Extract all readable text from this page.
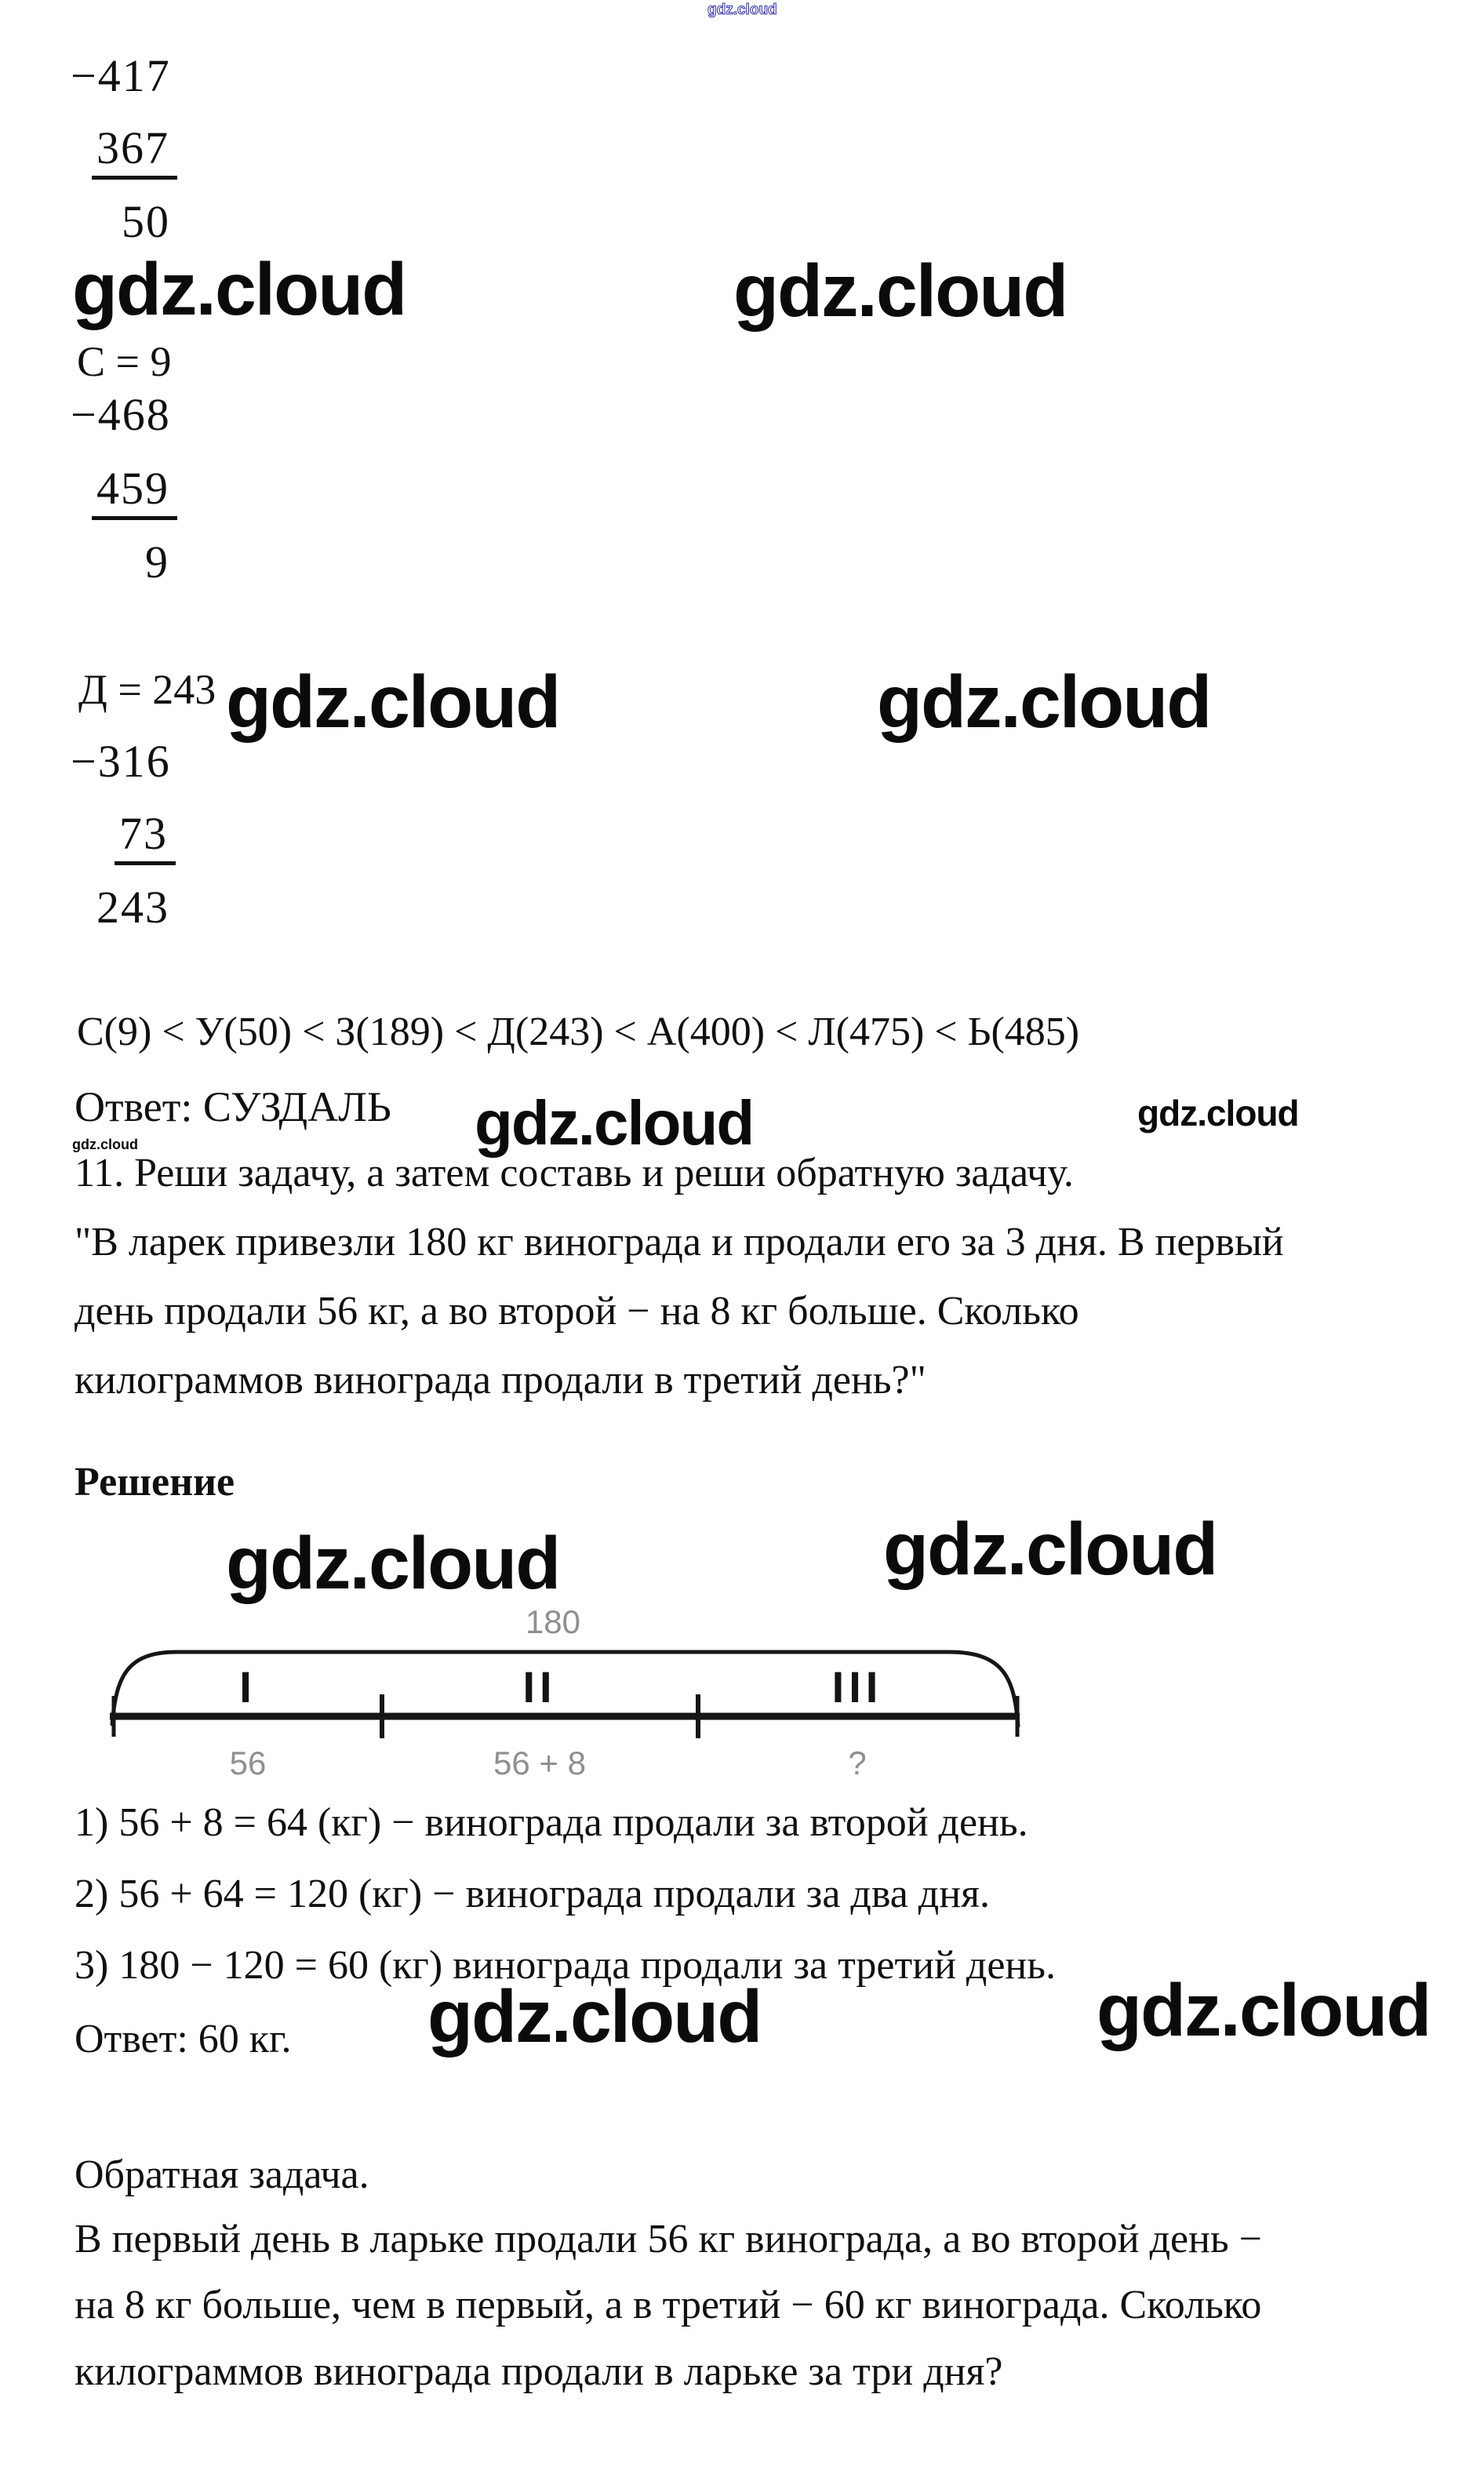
gdz.cloud
−417
367
50
gdz.cloud	gdz.cloud
С = 9
−468
459
9
Д = 243 gdz.cloud	gdz.cloud
−316
73
243
С(9) < У(50) < З(189) < Д(243) < А(400) < Л(475) < Ь(485)
Ответ: СУЗДАЛЬ gdz.cloud	gdz.cloud
gdz.cloud
11. Реши задачу, а затем составь и реши обратную задачу.
"В ларек привезли 180 кг винограда и продали его за 3 дня. В первый
день продали 56 кг, а во второй − на 8 кг больше. Сколько
килограммов винограда продали в третий день?"
Решение
gdz.cloud	gdz.cloud
180
I	II	III
56	56 + 8	?
1) 56 + 8 = 64 (кг) − винограда продали за второй день.
2) 56 + 64 = 120 (кг) − винограда продали за два дня.
3) 180 − 120 = 60 (кг) винограда продали за третий день.
Ответ: 60 кг. gdz.cloud	gdz.cloud
Обратная задача.
В первый день в ларьке продали 56 кг винограда, а во второй день −
на 8 кг больше, чем в первый, а в третий − 60 кг винограда. Сколько
килограммов винограда продали в ларьке за три дня?
